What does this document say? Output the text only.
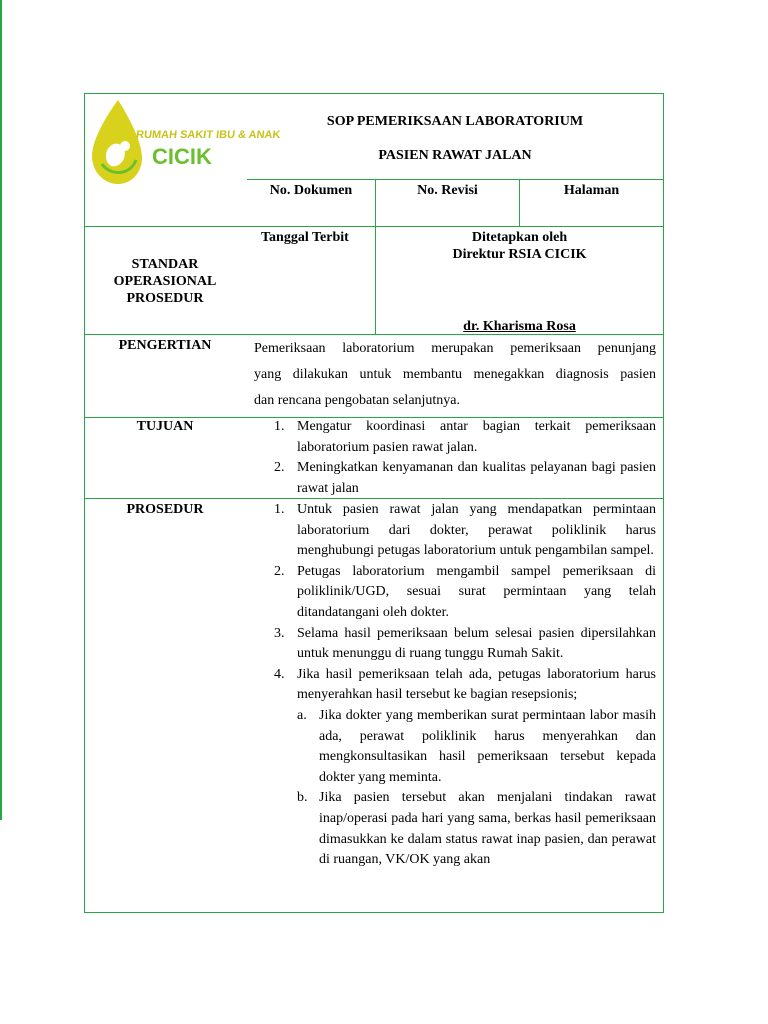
RUMAH SAKIT IBU & ANAK
CICIK
SOP PEMERIKSAAN LABORATORIUM
PASIEN RAWAT JALAN
No. Dokumen	No. Revisi	Halaman
Tanggal Terbit	Ditetapkan oleh
Direktur RSIA CICIK
dr. Kharisma Rosa
STANDAR
OPERASIONAL
PROSEDUR
PENGERTIAN	Pemeriksaan laboratorium merupakan pemeriksaan penunjang
yang dilakukan untuk membantu menegakkan diagnosis pasien
dan rencana pengobatan selanjutnya.
TUJUAN	1. Mengatur koordinasi antar bagian terkait pemeriksaan laboratorium pasien rawat jalan.
2. Meningkatkan kenyamanan dan kualitas pelayanan bagi pasien rawat jalan
PROSEDUR	1. Untuk pasien rawat jalan yang mendapatkan permintaan laboratorium dari dokter, perawat poliklinik harus menghubungi petugas laboratorium untuk pengambilan sampel.
2. Petugas laboratorium mengambil sampel pemeriksaan di poliklinik/UGD, sesuai surat permintaan yang telah ditandatangani oleh dokter.
3. Selama hasil pemeriksaan belum selesai pasien dipersilahkan untuk menunggu di ruang tunggu Rumah Sakit.
4. Jika hasil pemeriksaan telah ada, petugas laboratorium harus menyerahkan hasil tersebut ke bagian resepsionis;
a. Jika dokter yang memberikan surat permintaan labor masih ada, perawat poliklinik harus menyerahkan dan mengkonsultasikan hasil pemeriksaan tersebut kepada dokter yang meminta.
b. Jika pasien tersebut akan menjalani tindakan rawat inap/operasi pada hari yang sama, berkas hasil pemeriksaan dimasukkan ke dalam status rawat inap pasien, dan perawat di ruangan, VK/OK yang akan
